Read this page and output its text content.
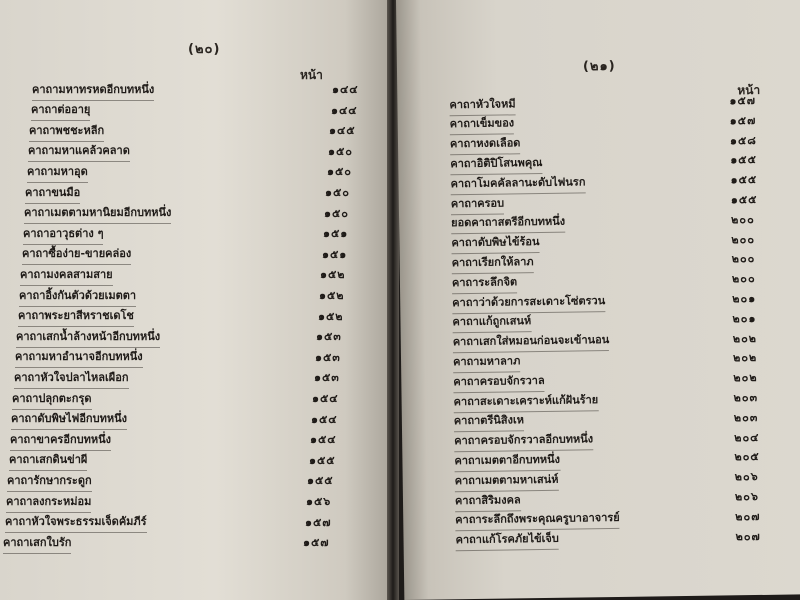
(๒๐)
หน้า
คาถามหาทรหดอีกบทหนึ่ง	๑๔๔
คาถาต่ออายุ	๑๔๔
คาถาพชชะหลีก	๑๔๕
คาถามหาแคล้วคลาด	๑๕๐
คาถามหาอุด	๑๕๐
คาถาขนมือ	๑๕๐
คาถาเมตตามหานิยมอีกบทหนึ่ง	๑๕๐
คาถาอาวุธต่าง ๆ	๑๕๑
คาถาซื้อง่าย-ขายคล่อง	๑๕๑
คาถามงคลสามสาย	๑๕๒
คาถาอิ้งกันตัวด้วยเมตตา	๑๕๒
คาถาพระยาสีหราชเดโช	๑๕๒
คาถาเสกน้ำล้างหน้าอีกบทหนึ่ง	๑๕๓
คาถามหาอำนาจอีกบทหนึ่ง	๑๕๓
คาถาหัวใจปลาไหลเผือก	๑๕๓
คาถาปลุกตะกรุด	๑๕๔
คาถาดับพิษไฟอีกบทหนึ่ง	๑๕๔
คาถาขาครอีกบทหนึ่ง	๑๕๔
คาถาเสกดินข่าผี	๑๕๕
คาถารักษากระดูก	๑๕๕
คาถาลงกระหม่อม	๑๕๖
คาถาหัวใจพระธรรมเจ็ดคัมภีร์	๑๕๗
คาถาเสกใบรัก	๑๕๗
(๒๑)
หน้า
คาถาหัวใจหมี	๑๕๗
คาถาเข็มของ	๑๕๗
คาถาหงดเลือด	๑๕๘
คาถาอิติปิโสนพคุณ	๑๕๕
คาถาโมคคัลลานะดับไฟนรก	๑๕๕
คาถาครอบ	๑๕๕
ยอดคาถาสตรีอีกบทหนึ่ง	๒๐๐
คาถาดับพิษไข้ร้อน	๒๐๐
คาถาเรียกให้ลาภ	๒๐๐
คาถาระลึกจิต	๒๐๐
คาถาว่าด้วยการสะเดาะโซ่ตรวน	๒๐๑
คาถาแก้ถูกเสนห์	๒๐๑
คาถาเสกใส่หมอนก่อนจะเข้านอน	๒๐๒
คาถามหาลาภ	๒๐๒
คาถาครอบจักรวาล	๒๐๒
คาถาสะเดาะเคราะห์แก้ฝันร้าย	๒๐๓
คาถาตรีนิสิงเห	๒๐๓
คาถาครอบจักรวาลอีกบทหนึ่ง	๒๐๔
คาถาเมตตาอีกบทหนึ่ง	๒๐๕
คาถาเมตตามหาเสน่ห์	๒๐๖
คาถาสิริมงคล	๒๐๖
คาถาระลึกถึงพระคุณครูบาอาจารย์	๒๐๗
คาถาแก้โรคภัยไข้เจ็บ	๒๐๗
